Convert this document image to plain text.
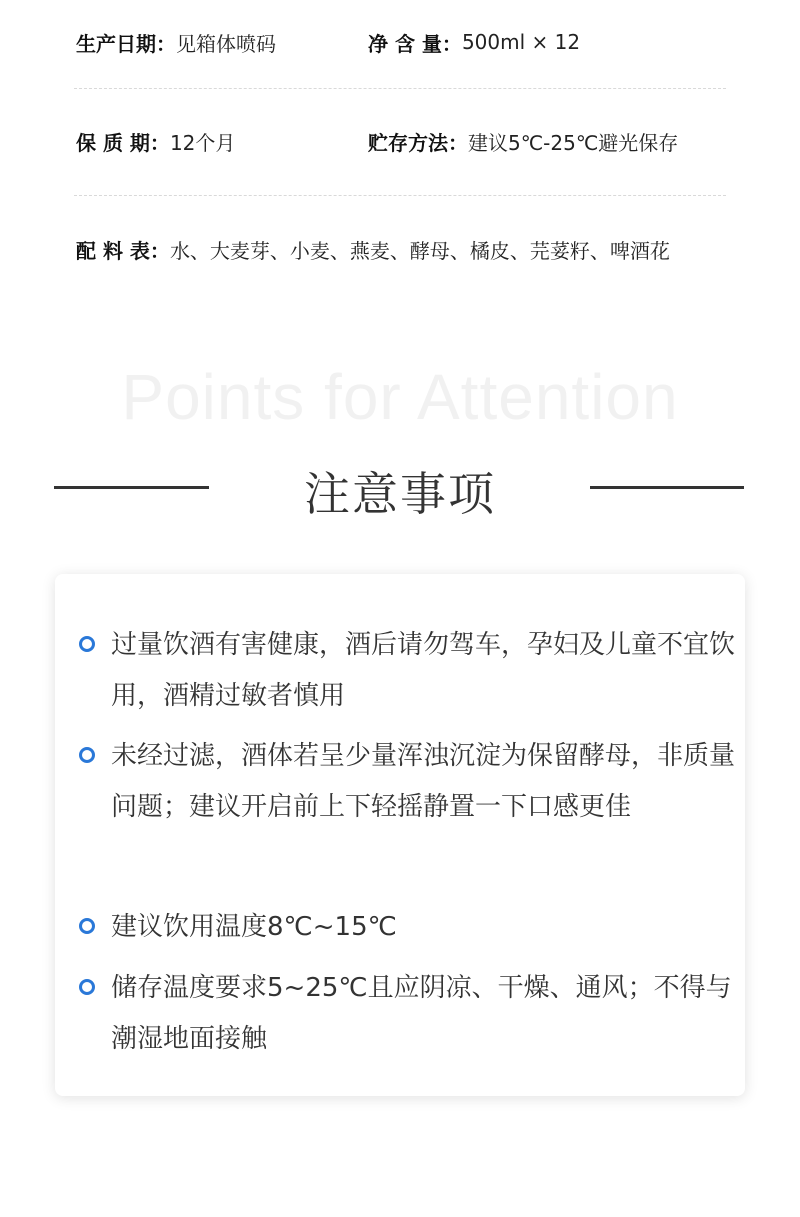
生产日期： 见箱体喷码	净 含 量： 500ml × 12
保 质 期： 12个月	贮存方法： 建议5℃-25℃避光保存
配 料 表： 水、大麦芽、小麦、燕麦、酵母、橘皮、芫荽籽、啤酒花
Points for Attention
注意事项
过量饮酒有害健康，酒后请勿驾车，孕妇及儿童不宜饮用，酒精过敏者慎用
未经过滤，酒体若呈少量浑浊沉淀为保留酵母，非质量问题；建议开启前上下轻摇静置一下口感更佳
建议饮用温度8℃~15℃
储存温度要求5~25℃且应阴凉、干燥、通风；不得与潮湿地面接触
